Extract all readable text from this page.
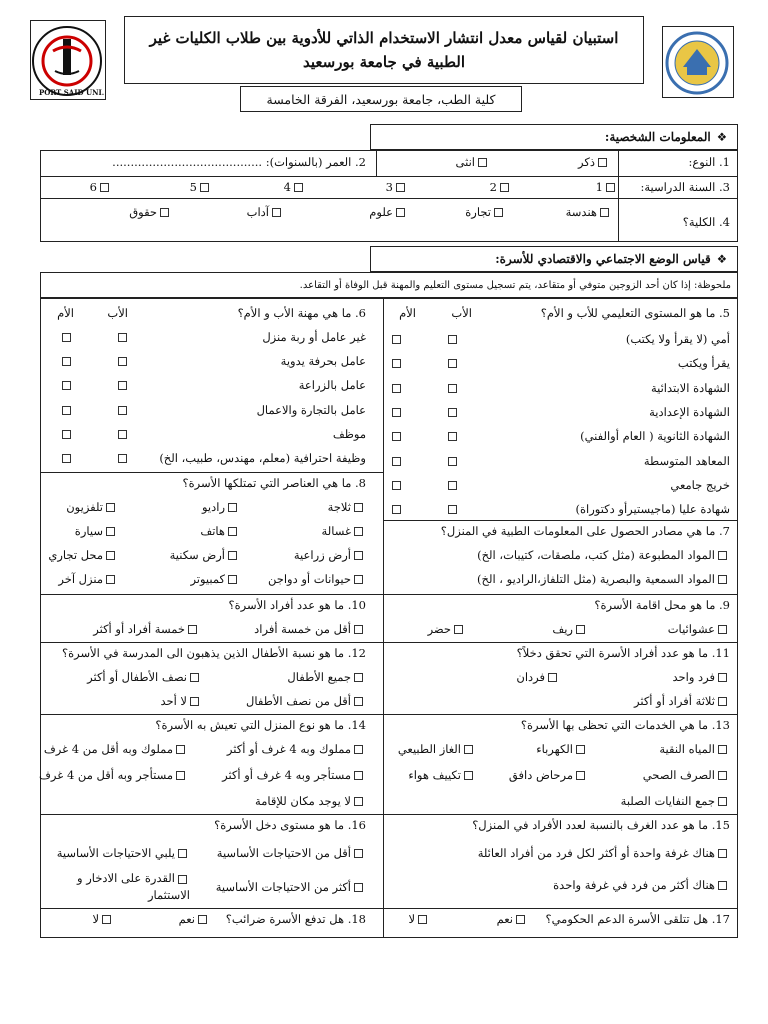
PORT SAID UNI.
استبيان لقياس معدل انتشار الاستخدام الذاتي للأدوية بين طلاب الكليات غير
الطبية في جامعة بورسعيد
كلية الطب، جامعة بورسعيد، الفرقة الخامسة
❖
المعلومات الشخصية:
1. النوع:
ذكر
انثى
2. العمر (بالسنوات): .........................................
3. السنة الدراسية:
1
2
3
4
5
6
4. الكلية؟
هندسة
تجارة
علوم
آداب
حقوق
❖
قياس الوضع الاجتماعي والاقتصادي للأسرة:
ملحوظة: إذا كان أحد الزوجين متوفي أو متقاعد، يتم تسجيل مستوى التعليم والمهنة قبل الوفاة أو التقاعد.
5. ما هو المستوى التعليمي للأب و الأم؟
الأب
الأم
أمي (لا يقرأ ولا يكتب)
يقرأ ويكتب
الشهادة الابتدائية
الشهادة الإعدادية
الشهادة الثانوية ( العام أوالفني)
المعاهد المتوسطة
خريج جامعي
شهادة عليا (ماجيستيرأو دكتوراة)
6. ما هي مهنة الأب و الأم؟
الأب
الأم
غير عامل أو ربة منزل
عامل بحرفة يدوية
عامل بالزراعة
عامل بالتجارة والاعمال
موظف
وظيفة احترافية (معلم، مهندس، طبيب، الخ)
8. ما هي العناصر التي تمتلكها الأسرة؟
ثلاجة
راديو
تلفزيون
غسالة
هاتف
سيارة
أرض زراعية
أرض سكنية
محل تجاري
حيوانات أو دواجن
كمبيوتر
منزل آخر
7. ما هي مصادر الحصول على المعلومات الطبية في المنزل؟
المواد المطبوعة (مثل كتب، ملصقات، كتيبات، الخ)
المواد السمعية والبصرية (مثل التلفاز،الراديو ، الخ)
9. ما هو محل اقامة الأسرة؟
عشوائيات
ريف
حضر
10. ما هو عدد أفراد الأسرة؟
أقل من خمسة أفراد
خمسة أفراد أو أكثر
11. ما هو عدد أفراد الأسرة التي تحقق دخلاً؟
فرد واحد
فردان
ثلاثة أفراد أو أكثر
12. ما هو نسبة الأطفال الذين يذهبون الى المدرسة في الأسرة؟
جميع الأطفال
نصف الأطفال أو أكثر
أقل من نصف الأطفال
لا أحد
13. ما هي الخدمات التي تحظى بها الأسرة؟
المياه النقية
الكهرباء
الغاز الطبيعي
الصرف الصحي
مرحاض دافق
تكييف هواء
جمع النفايات الصلبة
14. ما هو نوع المنزل التي تعيش به الأسرة؟
مملوك وبه 4 غرف أو أكثر
مملوك وبه أقل من 4 غرف
مستأجر وبه 4 غرف أو أكثر
مستأجر وبه أقل من 4 غرف
لا يوجد مكان للإقامة
15. ما هو عدد الغرف بالنسبة لعدد الأفراد في المنزل؟
هناك غرفة واحدة أو أكثر لكل فرد من أفراد العائلة
هناك أكثر من فرد في غرفة واحدة
16. ما هو مستوى دخل الأسرة؟
أقل من الاحتياجات الأساسية
يلبي الاحتياجات الأساسية
أكثر من الاحتياجات الأساسية
القدرة على الادخار و الاستثمار
17. هل تتلقى الأسرة الدعم الحكومي؟
نعم
لا
18. هل تدفع الأسرة ضرائب؟
نعم
لا
